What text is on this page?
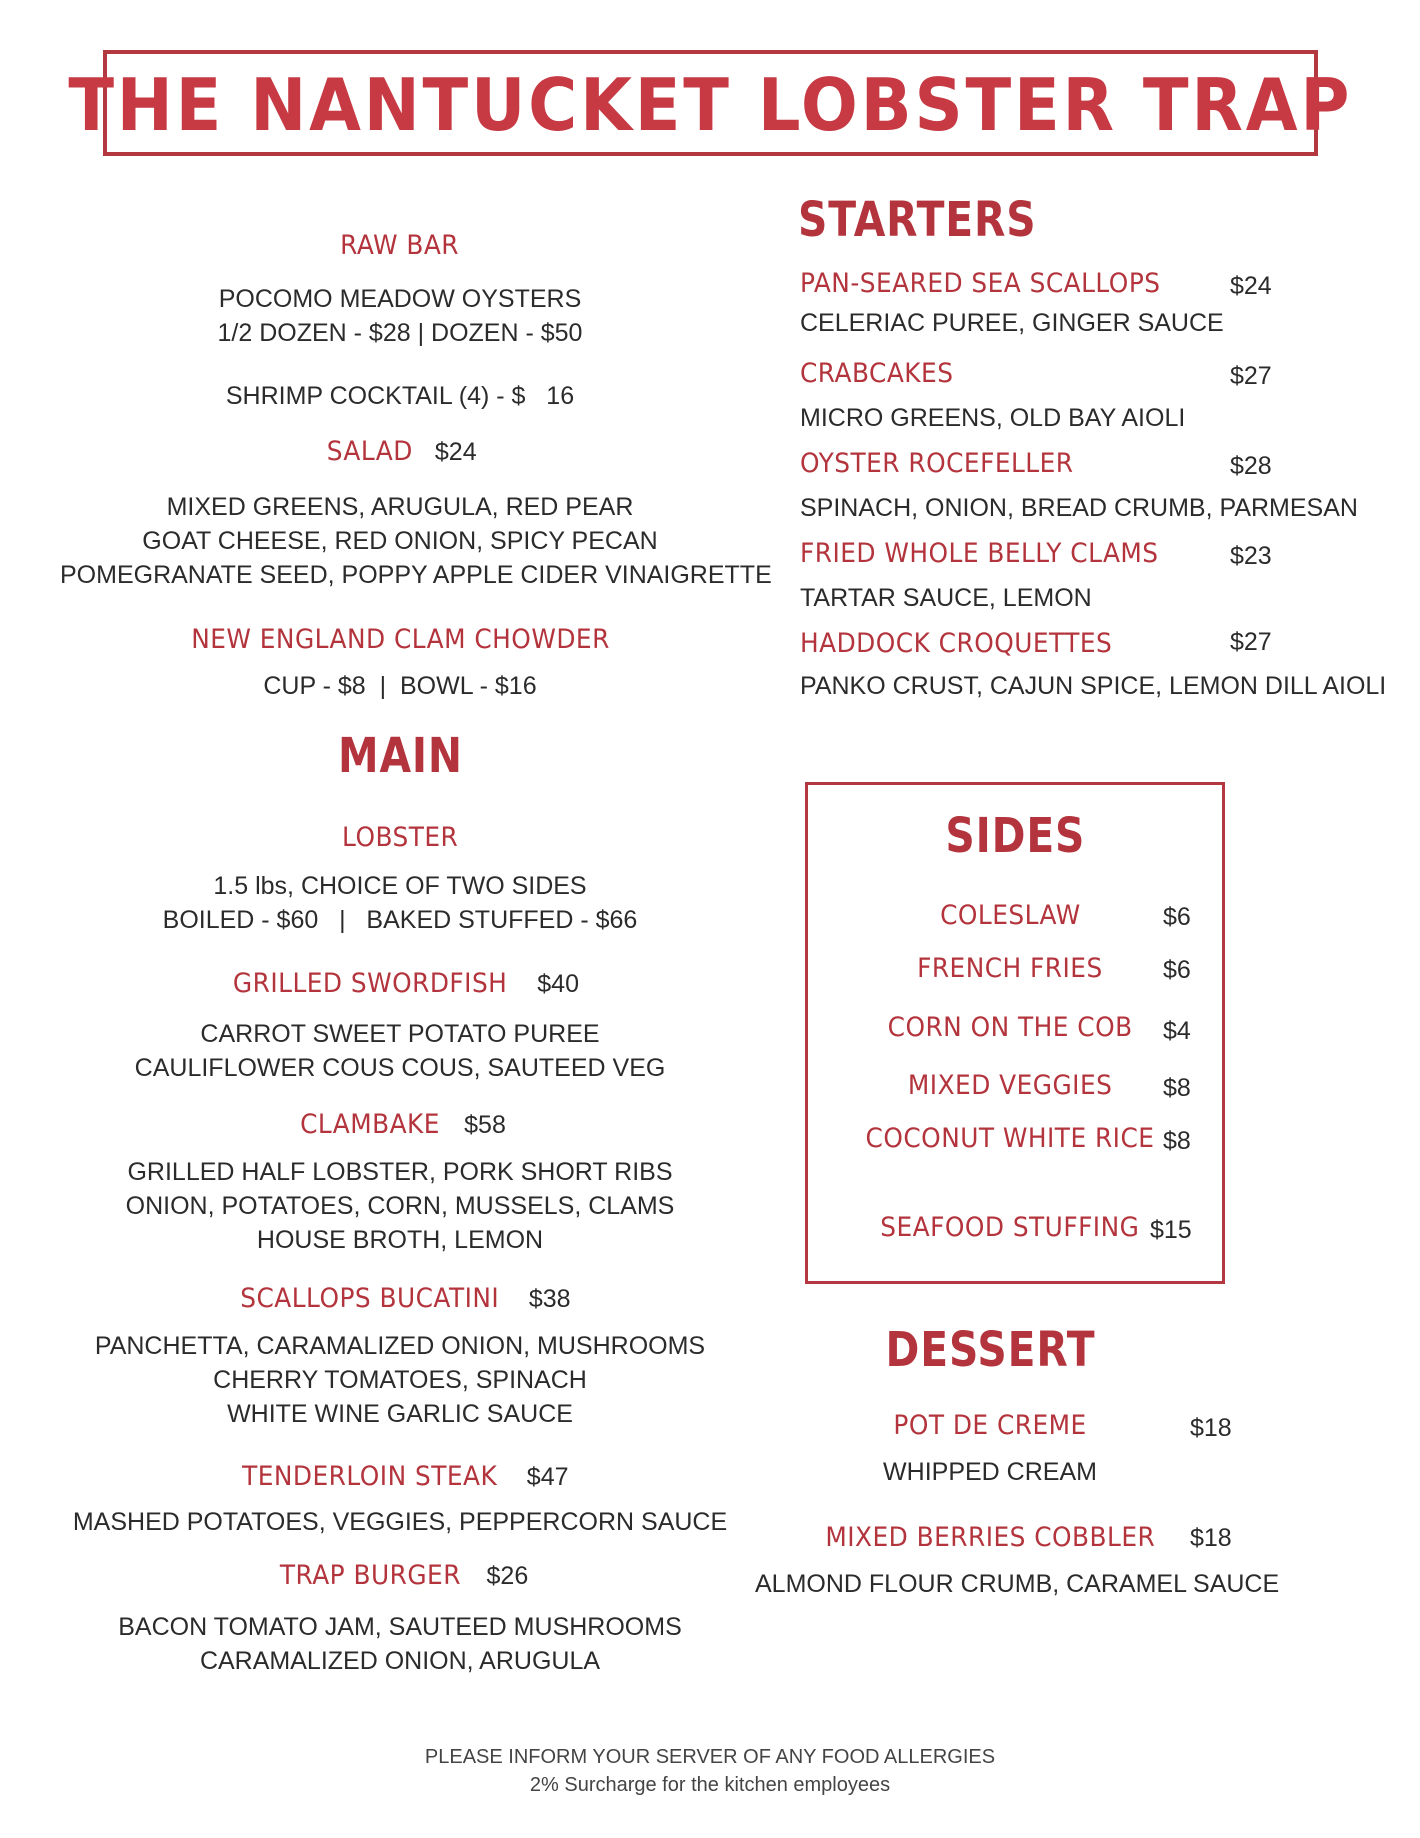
THE NANTUCKET LOBSTER TRAP
RAW BAR
POCOMO MEADOW OYSTERS
1/2 DOZEN - $28 | DOZEN - $50
SHRIMP COCKTAIL (4) - $   16
SALAD $24
MIXED GREENS, ARUGULA, RED PEAR
GOAT CHEESE, RED ONION, SPICY PECAN
POMEGRANATE SEED, POPPY APPLE CIDER VINAIGRETTE
NEW ENGLAND CLAM CHOWDER
CUP - $8  |  BOWL - $16
MAIN
LOBSTER
1.5 lbs, CHOICE OF TWO SIDES
BOILED - $60   |   BAKED STUFFED - $66
GRILLED SWORDFISH $40
CARROT SWEET POTATO PUREE
CAULIFLOWER COUS COUS, SAUTEED VEG
CLAMBAKE $58
GRILLED HALF LOBSTER, PORK SHORT RIBS
ONION, POTATOES, CORN, MUSSELS, CLAMS
HOUSE BROTH, LEMON
SCALLOPS BUCATINI $38
PANCHETTA, CARAMALIZED ONION, MUSHROOMS
CHERRY TOMATOES, SPINACH
WHITE WINE GARLIC SAUCE
TENDERLOIN STEAK $47
MASHED POTATOES, VEGGIES, PEPPERCORN SAUCE
TRAP BURGER $26
BACON TOMATO JAM, SAUTEED MUSHROOMS
CARAMALIZED ONION, ARUGULA
STARTERS
PAN-SEARED SEA SCALLOPS	$24
CELERIAC PUREE, GINGER SAUCE
CRABCAKES	$27
MICRO GREENS, OLD BAY AIOLI
OYSTER ROCEFELLER	$28
SPINACH, ONION, BREAD CRUMB, PARMESAN
FRIED WHOLE BELLY CLAMS	$23
TARTAR SAUCE, LEMON
HADDOCK CROQUETTES	$27
PANKO CRUST, CAJUN SPICE, LEMON DILL AIOLI
SIDES
COLESLAW	$6
FRENCH FRIES	$6
CORN ON THE COB	$4
MIXED VEGGIES	$8
COCONUT WHITE RICE $8
SEAFOOD STUFFING $15
DESSERT
POT DE CREME	$18
WHIPPED CREAM
MIXED BERRIES COBBLER	$18
ALMOND FLOUR CRUMB, CARAMEL SAUCE
PLEASE INFORM YOUR SERVER OF ANY FOOD ALLERGIES
2% Surcharge for the kitchen employees
